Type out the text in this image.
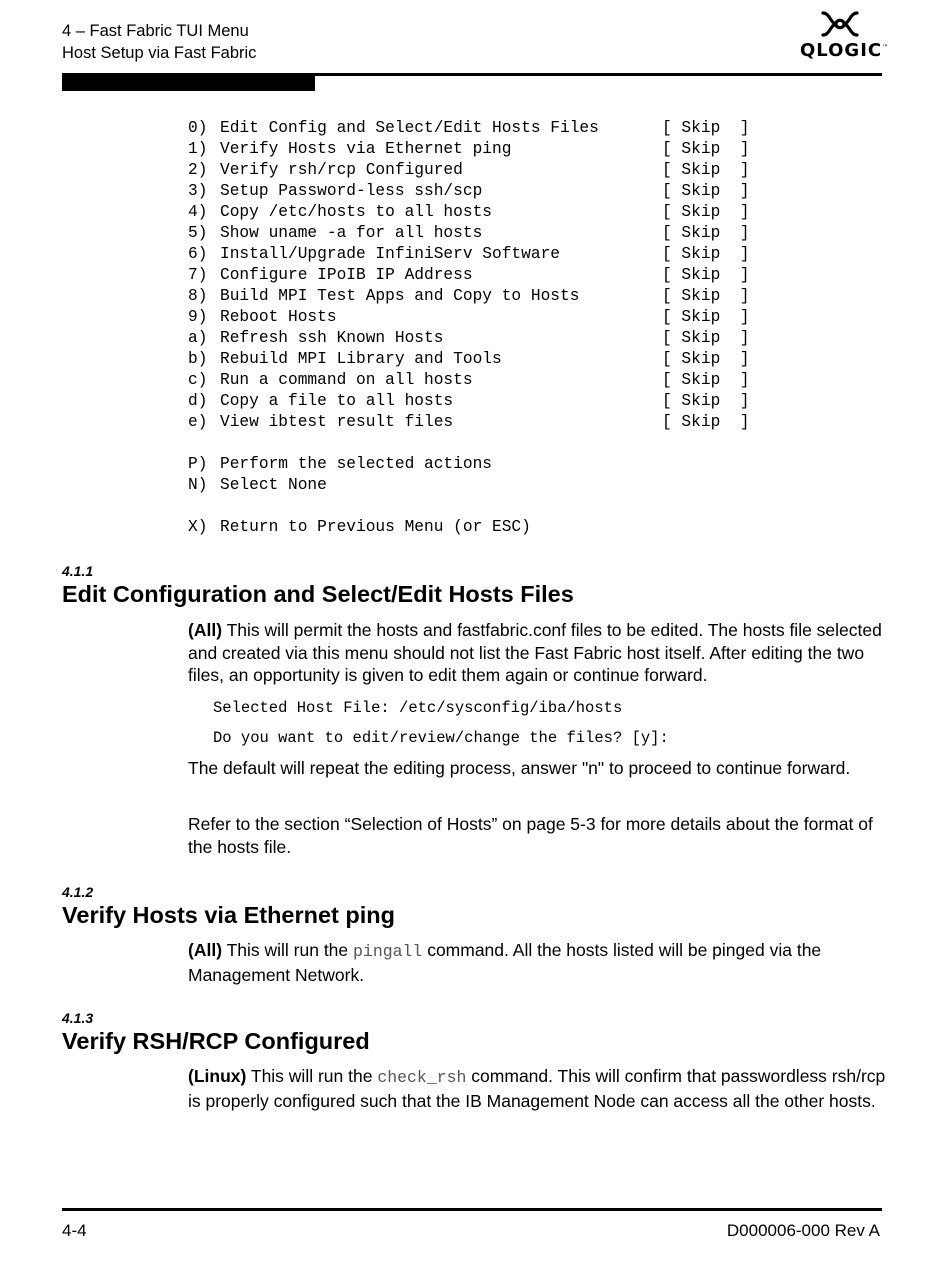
4 – Fast Fabric TUI Menu
Host Setup via Fast Fabric	QLOGIC™
0) Edit Config and Select/Edit Hosts Files	[ Skip  ]
1) Verify Hosts via Ethernet ping	[ Skip  ]
2) Verify rsh/rcp Configured	[ Skip  ]
3) Setup Password-less ssh/scp	[ Skip  ]
4) Copy /etc/hosts to all hosts	[ Skip  ]
5) Show uname -a for all hosts	[ Skip  ]
6) Install/Upgrade InfiniServ Software	[ Skip  ]
7) Configure IPoIB IP Address	[ Skip  ]
8) Build MPI Test Apps and Copy to Hosts	[ Skip  ]
9) Reboot Hosts	[ Skip  ]
a) Refresh ssh Known Hosts	[ Skip  ]
b) Rebuild MPI Library and Tools	[ Skip  ]
c) Run a command on all hosts	[ Skip  ]
d) Copy a file to all hosts	[ Skip  ]
e) View ibtest result files	[ Skip  ]
P) Perform the selected actions
N) Select None
X) Return to Previous Menu (or ESC)
4.1.1
Edit Configuration and Select/Edit Hosts Files
(All) This will permit the hosts and fastfabric.conf files to be edited. The hosts file selected and created via this menu should not list the Fast Fabric host itself. After editing the two files, an opportunity is given to edit them again or continue forward.
Selected Host File: /etc/sysconfig/iba/hosts
Do you want to edit/review/change the files? [y]:
The default will repeat the editing process, answer "n" to proceed to continue forward.
Refer to the section “Selection of Hosts” on page 5-3 for more details about the format of the hosts file.
4.1.2
Verify Hosts via Ethernet ping
(All) This will run the pingall command. All the hosts listed will be pinged via the Management Network.
4.1.3
Verify RSH/RCP Configured
(Linux) This will run the check_rsh command. This will confirm that passwordless rsh/rcp is properly configured such that the IB Management Node can access all the other hosts.
4-4	D000006-000 Rev A
